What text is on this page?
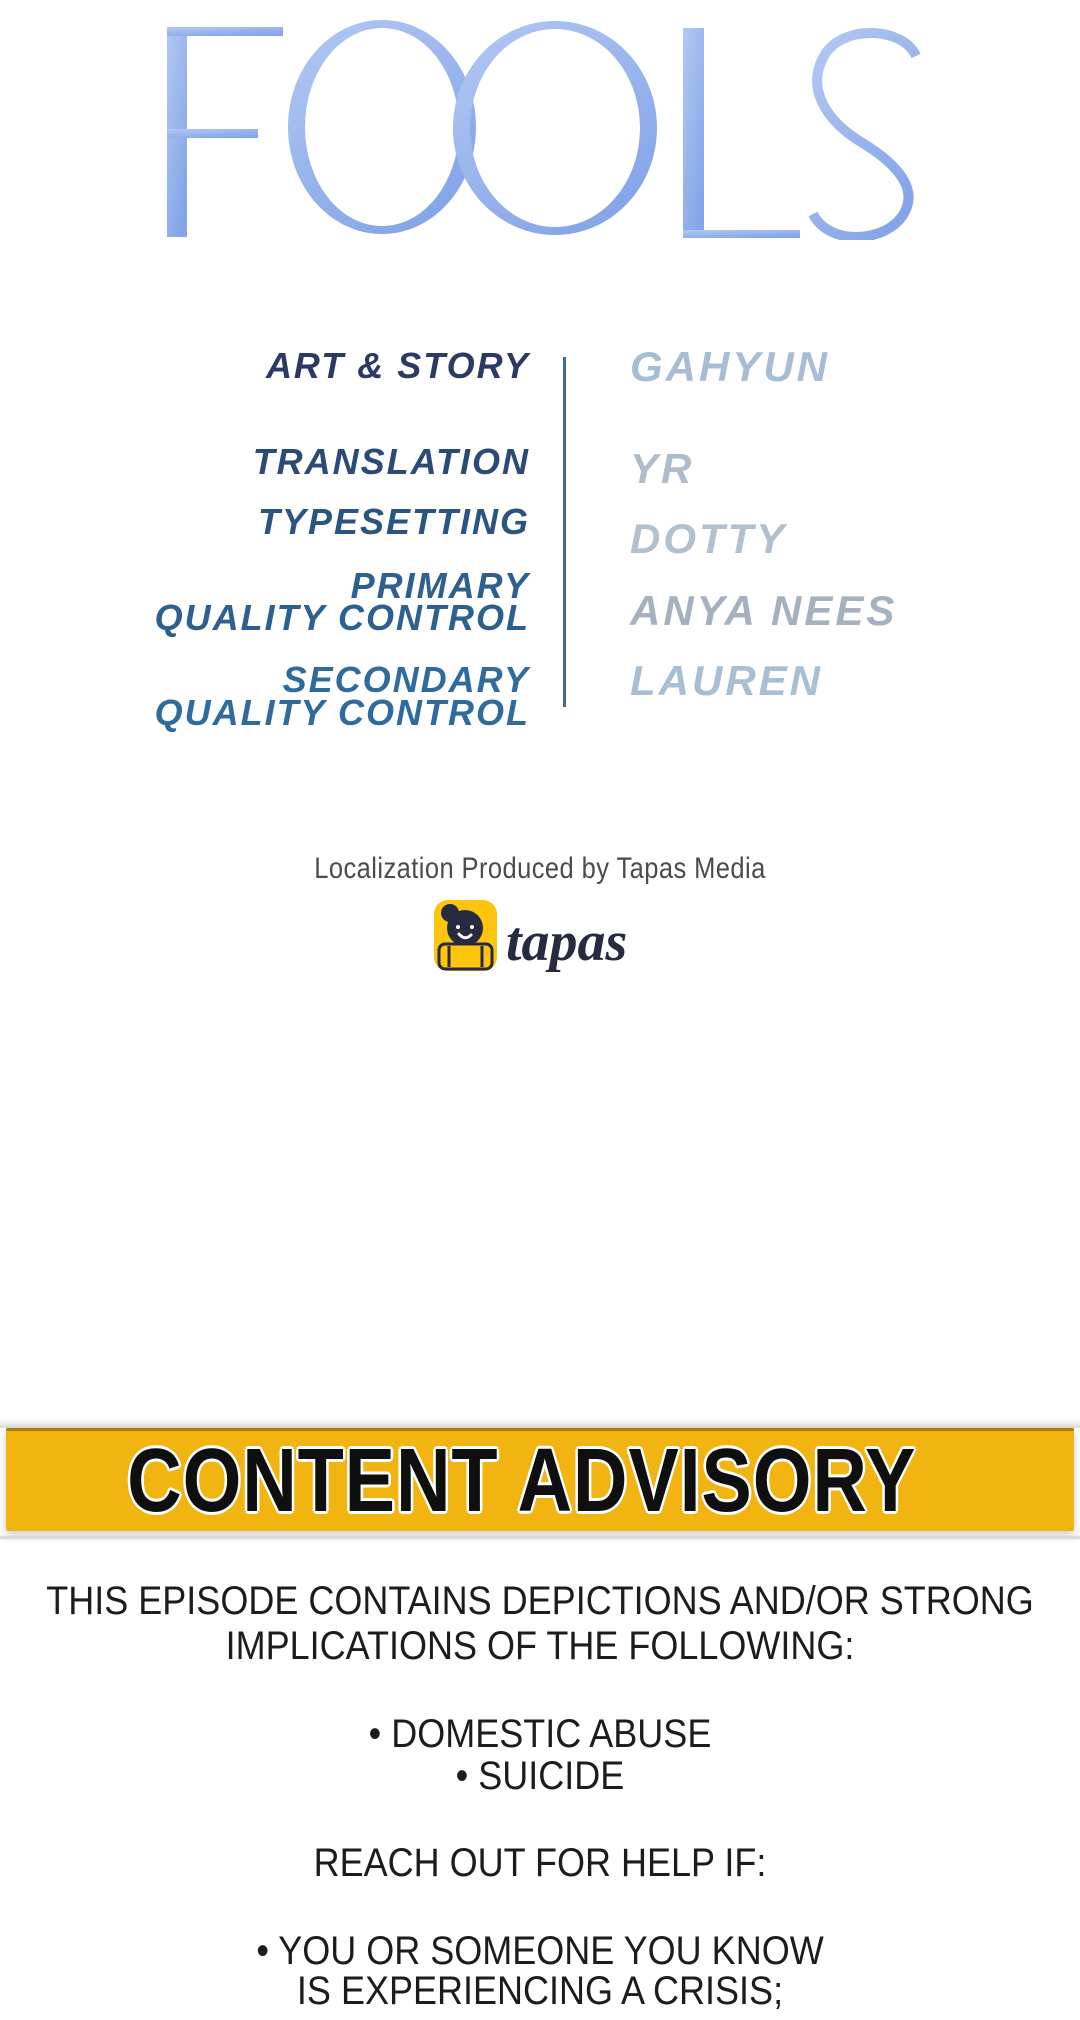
ART & STORY
TRANSLATION
TYPESETTING
PRIMARY
QUALITY CONTROL
SECONDARY
QUALITY CONTROL
GAHYUN
YR
DOTTY
ANYA NEES
LAUREN
Localization Produced by Tapas Media
tapas
CONTENT ADVISORY
THIS EPISODE CONTAINS DEPICTIONS AND/OR STRONG
IMPLICATIONS OF THE FOLLOWING:
• DOMESTIC ABUSE
• SUICIDE
REACH OUT FOR HELP IF:
• YOU OR SOMEONE YOU KNOW
IS EXPERIENCING A CRISIS;
